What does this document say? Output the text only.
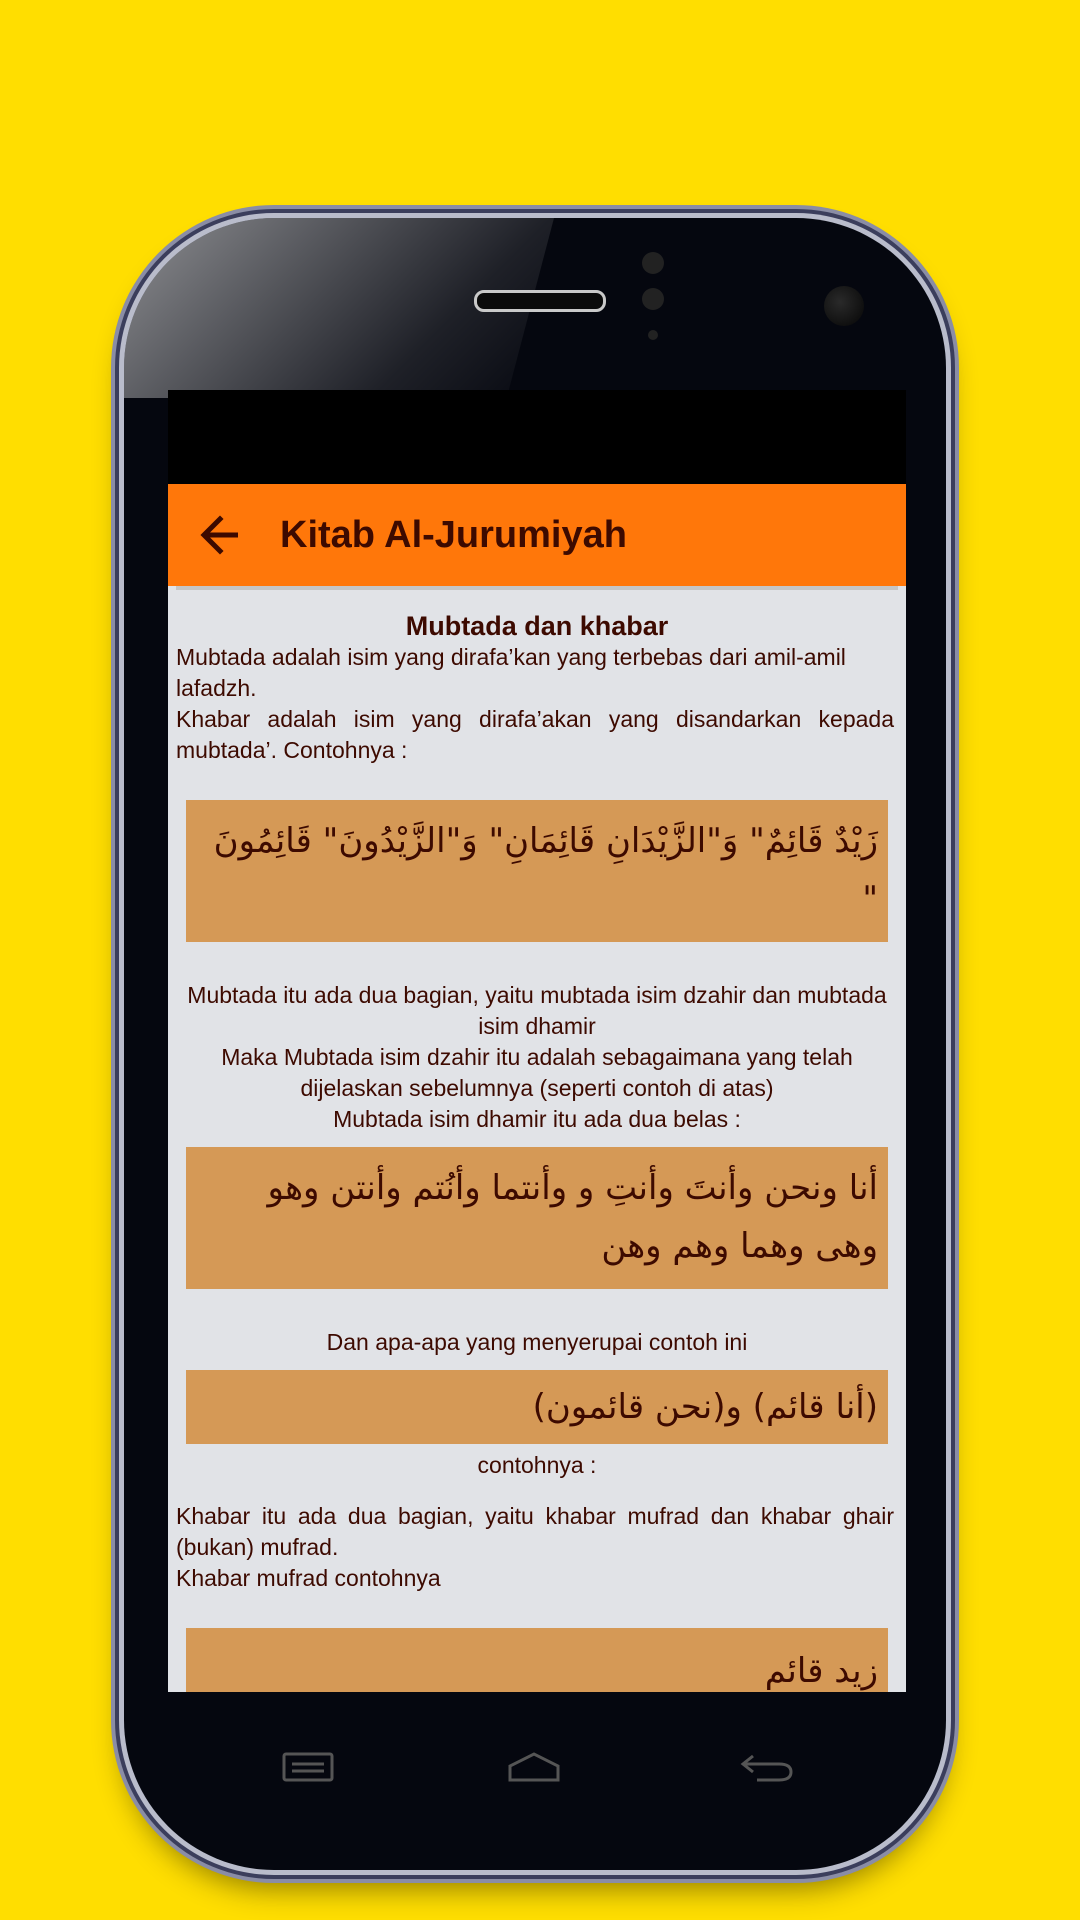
Kitab Al-Jurumiyah
Mubtada dan khabar
Mubtada adalah isim yang dirafa’kan yang terbebas dari amil-amil lafadzh.
Khabar adalah isim yang dirafa’akan yang disandarkan kepada mubtada’. Contohnya :
زَيْدٌ قَائِمٌ" وَ"الزَّيْدَانِ قَائِمَانِ" وَ"الزَّيْدُونَ" قَائِمُونَ "
Mubtada itu ada dua bagian, yaitu mubtada isim dzahir dan mubtada isim dhamir
Maka Mubtada isim dzahir itu adalah sebagaimana yang telah dijelaskan sebelumnya (seperti contoh di atas)
Mubtada isim dhamir itu ada dua belas :
أنا ونحن وأنتَ وأنتِ و وأنتما وأنُتم وأنتن وهو وهى وهما وهم وهن
Dan apa-apa yang menyerupai contoh ini
(أنا قائم) و(نحن قائمون)
contohnya :
Khabar itu ada dua bagian, yaitu khabar mufrad dan khabar ghair (bukan) mufrad.
Khabar mufrad contohnya
زيد قائم
